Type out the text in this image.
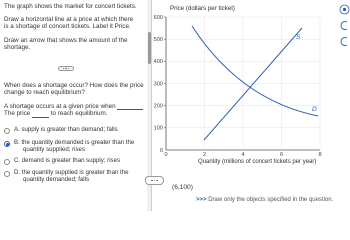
The graph shows the market for concert tickets.
Draw a horizontal line at a price at which there
is a shortage of concert tickets. Label it Price.
Draw an arrow that shows the amount of the
shortage.
When does a shortage occur? How does the price
change to reach equilibrium?
A shortage occurs at a given price when
The price	to reach equilibrium.
A. supply is greater than demand; falls
B. the quantity demanded is greater than the
quantity supplied; rises
C. demand is greater than supply; rises
D. the quantity supplied is greater than the
quantity demanded; falls
600
500
400
300
200
100
0
0	2	4	6	8
Price (dollars per ticket)
Quantity (millions of concert tickets per year)
S
D
(6,100)
>>> Draw only the objects specified in the question.
